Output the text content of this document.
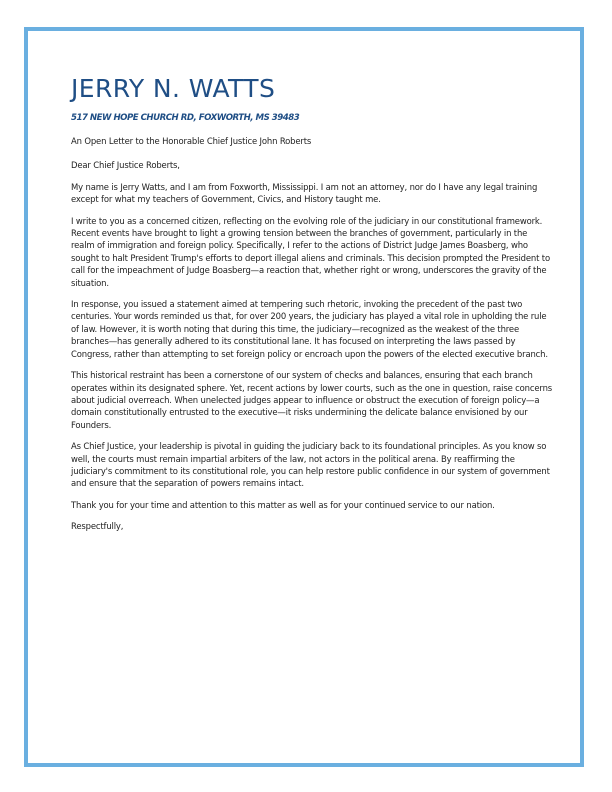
JERRY N. WATTS
517 NEW HOPE CHURCH RD, FOXWORTH, MS 39483

An Open Letter to the Honorable Chief Justice John Roberts

Dear Chief Justice Roberts,

My name is Jerry Watts, and I am from Foxworth, Mississippi. I am not an attorney, nor do I have any legal training except for what my teachers of Government, Civics, and History taught me.

I write to you as a concerned citizen, reflecting on the evolving role of the judiciary in our constitutional framework. Recent events have brought to light a growing tension between the branches of government, particularly in the realm of immigration and foreign policy. Specifically, I refer to the actions of District Judge James Boasberg, who sought to halt President Trump's efforts to deport illegal aliens and criminals. This decision prompted the President to call for the impeachment of Judge Boasberg—a reaction that, whether right or wrong, underscores the gravity of the situation.

In response, you issued a statement aimed at tempering such rhetoric, invoking the precedent of the past two centuries. Your words reminded us that, for over 200 years, the judiciary has played a vital role in upholding the rule of law. However, it is worth noting that during this time, the judiciary—recognized as the weakest of the three branches—has generally adhered to its constitutional lane. It has focused on interpreting the laws passed by Congress, rather than attempting to set foreign policy or encroach upon the powers of the elected executive branch.

This historical restraint has been a cornerstone of our system of checks and balances, ensuring that each branch operates within its designated sphere. Yet, recent actions by lower courts, such as the one in question, raise concerns about judicial overreach. When unelected judges appear to influence or obstruct the execution of foreign policy—a domain constitutionally entrusted to the executive—it risks undermining the delicate balance envisioned by our Founders.

As Chief Justice, your leadership is pivotal in guiding the judiciary back to its foundational principles. As you know so well, the courts must remain impartial arbiters of the law, not actors in the political arena. By reaffirming the judiciary's commitment to its constitutional role, you can help restore public confidence in our system of government and ensure that the separation of powers remains intact.

Thank you for your time and attention to this matter as well as for your continued service to our nation.

Respectfully,
